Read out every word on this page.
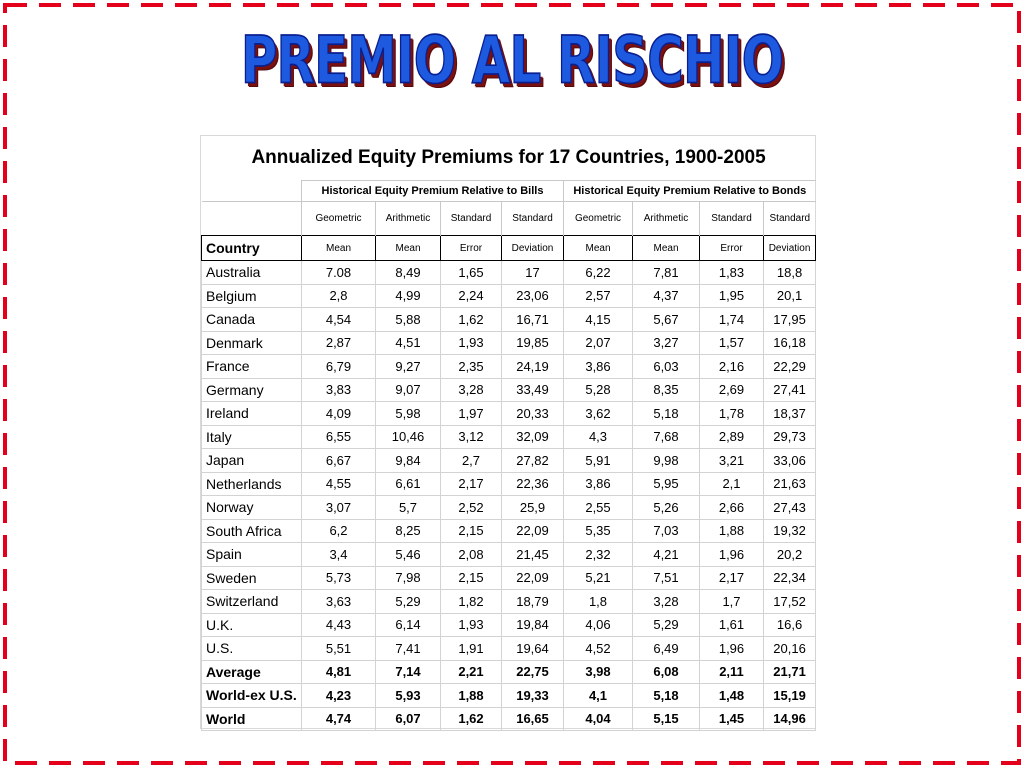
PREMIO AL RISCHIO
Annualized Equity Premiums for 17 Countries, 1900-2005								
	Historical Equity Premium Relative to Bills				Historical Equity Premium Relative to Bonds			
	Geometric	Arithmetic	Standard	Standard	Geometric	Arithmetic	Standard	Standard
Country	Mean	Mean	Error	Deviation	Mean	Mean	Error	Deviation
Australia	7.08	8,49	1,65	17	6,22	7,81	1,83	18,8
Belgium	2,8	4,99	2,24	23,06	2,57	4,37	1,95	20,1
Canada	4,54	5,88	1,62	16,71	4,15	5,67	1,74	17,95
Denmark	2,87	4,51	1,93	19,85	2,07	3,27	1,57	16,18
France	6,79	9,27	2,35	24,19	3,86	6,03	2,16	22,29
Germany	3,83	9,07	3,28	33,49	5,28	8,35	2,69	27,41
Ireland	4,09	5,98	1,97	20,33	3,62	5,18	1,78	18,37
Italy	6,55	10,46	3,12	32,09	4,3	7,68	2,89	29,73
Japan	6,67	9,84	2,7	27,82	5,91	9,98	3,21	33,06
Netherlands	4,55	6,61	2,17	22,36	3,86	5,95	2,1	21,63
Norway	3,07	5,7	2,52	25,9	2,55	5,26	2,66	27,43
South Africa	6,2	8,25	2,15	22,09	5,35	7,03	1,88	19,32
Spain	3,4	5,46	2,08	21,45	2,32	4,21	1,96	20,2
Sweden	5,73	7,98	2,15	22,09	5,21	7,51	2,17	22,34
Switzerland	3,63	5,29	1,82	18,79	1,8	3,28	1,7	17,52
U.K.	4,43	6,14	1,93	19,84	4,06	5,29	1,61	16,6
U.S.	5,51	7,41	1,91	19,64	4,52	6,49	1,96	20,16
Average	4,81	7,14	2,21	22,75	3,98	6,08	2,11	21,71
World-ex U.S.	4,23	5,93	1,88	19,33	4,1	5,18	1,48	15,19
World	4,74	6,07	1,62	16,65	4,04	5,15	1,45	14,96
